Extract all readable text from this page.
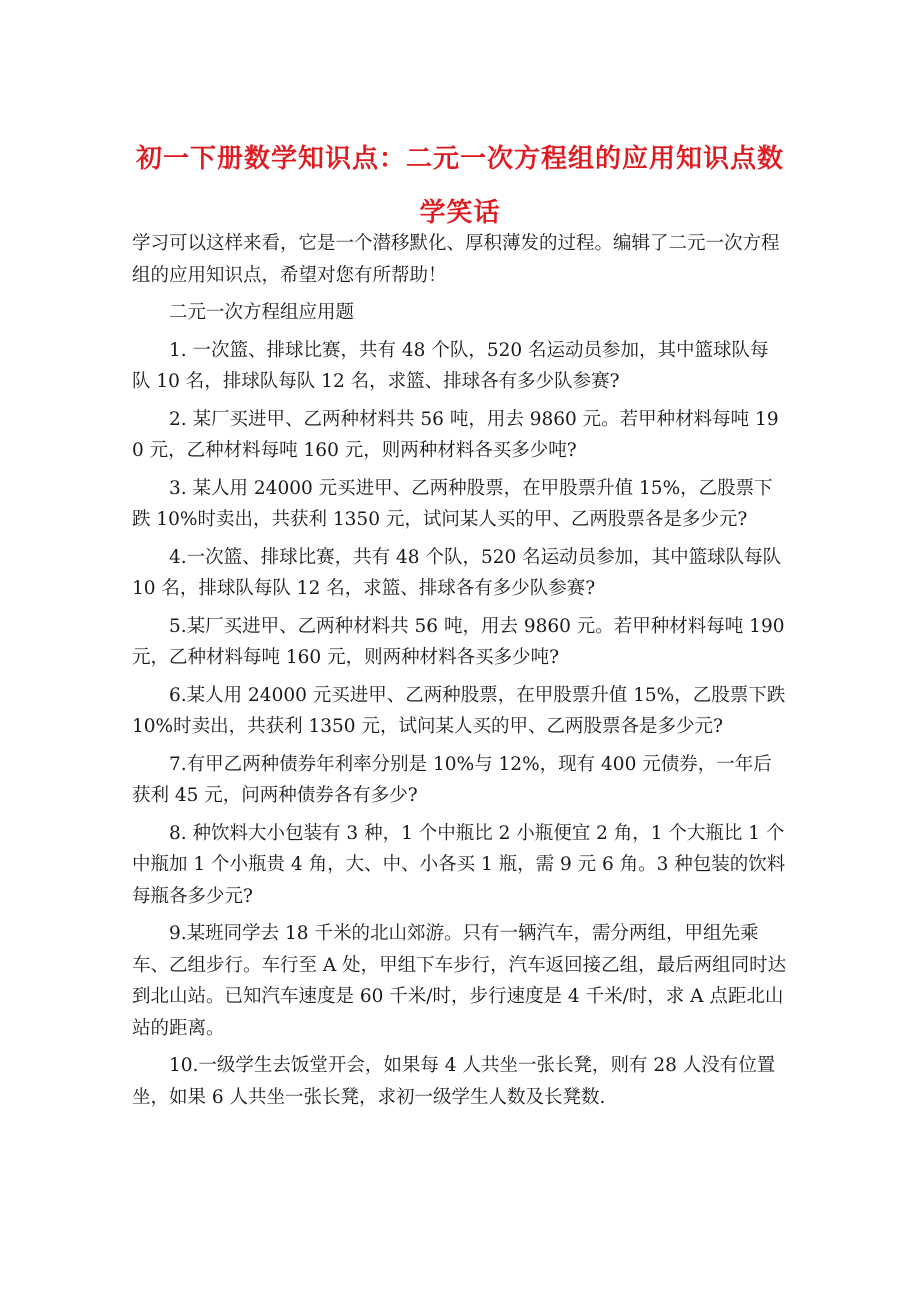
初一下册数学知识点：二元一次方程组的应用知识点数学笑话

学习可以这样来看，它是一个潜移默化、厚积薄发的过程。编辑了二元一次方程组的应用知识点，希望对您有所帮助！

二元一次方程组应用题

1. 一次篮、排球比赛，共有 48 个队，520 名运动员参加，其中篮球队每队 10 名，排球队每队 12 名，求篮、排球各有多少队参赛?

2. 某厂买进甲、乙两种材料共 56 吨，用去 9860 元。若甲种材料每吨 190 元，乙种材料每吨 160 元，则两种材料各买多少吨?

3. 某人用 24000 元买进甲、乙两种股票，在甲股票升值 15%，乙股票下跌 10%时卖出，共获利 1350 元，试问某人买的甲、乙两股票各是多少元?

4.一次篮、排球比赛，共有 48 个队，520 名运动员参加，其中篮球队每队 10 名，排球队每队 12 名，求篮、排球各有多少队参赛?

5.某厂买进甲、乙两种材料共 56 吨，用去 9860 元。若甲种材料每吨 190 元，乙种材料每吨 160 元，则两种材料各买多少吨?

6.某人用 24000 元买进甲、乙两种股票，在甲股票升值 15%，乙股票下跌 10%时卖出，共获利 1350 元，试问某人买的甲、乙两股票各是多少元?

7.有甲乙两种债券年利率分别是 10%与 12%，现有 400 元债券，一年后获利 45 元，问两种债券各有多少?

8. 种饮料大小包装有 3 种，1 个中瓶比 2 小瓶便宜 2 角，1 个大瓶比 1 个中瓶加 1 个小瓶贵 4 角，大、中、小各买 1 瓶，需 9 元 6 角。3 种包装的饮料每瓶各多少元?

9.某班同学去 18 千米的北山郊游。只有一辆汽车，需分两组，甲组先乘车、乙组步行。车行至 A 处，甲组下车步行，汽车返回接乙组，最后两组同时达到北山站。已知汽车速度是 60 千米/时，步行速度是 4 千米/时，求 A 点距北山站的距离。

10.一级学生去饭堂开会，如果每 4 人共坐一张长凳，则有 28 人没有位置坐，如果 6 人共坐一张长凳，求初一级学生人数及长凳数.
